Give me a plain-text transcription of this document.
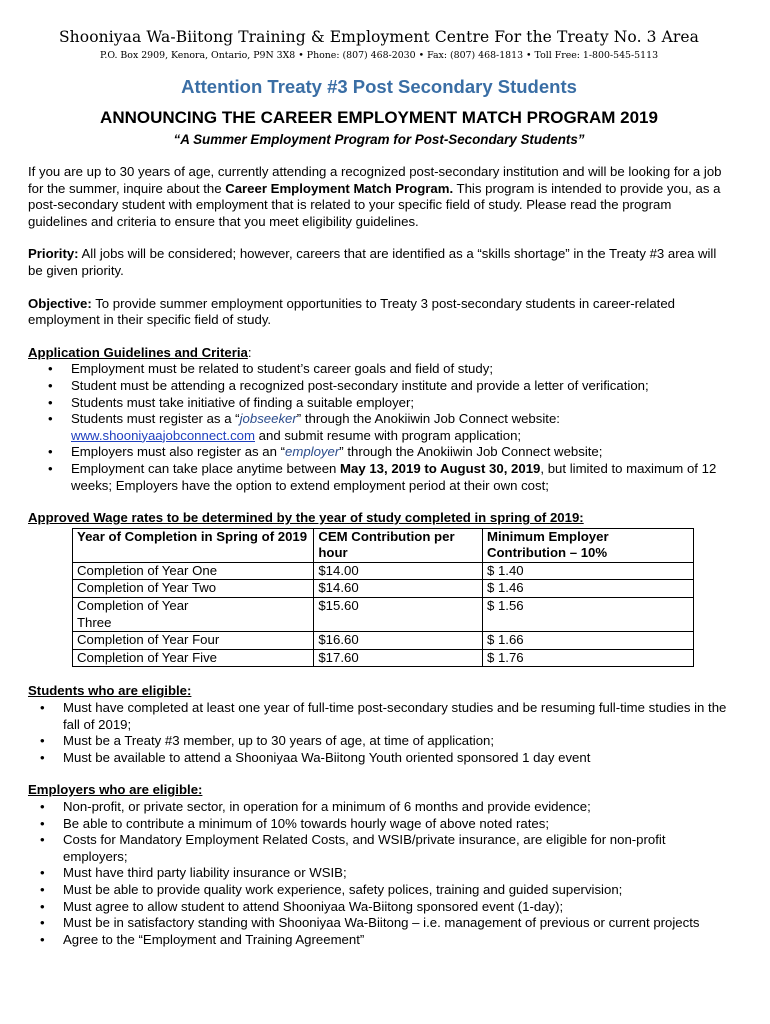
Shooniyaa Wa-Biitong Training & Employment Centre For the Treaty No. 3 Area
P.O. Box 2909, Kenora, Ontario, P9N 3X8 • Phone: (807) 468-2030 • Fax: (807) 468-1813 • Toll Free: 1-800-545-5113
Attention Treaty #3 Post Secondary Students
ANNOUNCING THE CAREER EMPLOYMENT MATCH PROGRAM 2019
“A Summer Employment Program for Post-Secondary Students”

If you are up to 30 years of age, currently attending a recognized post-secondary institution and will be looking for a job for the summer, inquire about the Career Employment Match Program. This program is intended to provide you, as a post-secondary student with employment that is related to your specific field of study. Please read the program guidelines and criteria to ensure that you meet eligibility guidelines.

Priority: All jobs will be considered; however, careers that are identified as a “skills shortage” in the Treaty #3 area will be given priority.

Objective: To provide summer employment opportunities to Treaty 3 post-secondary students in career-related employment in their specific field of study.

Application Guidelines and Criteria:
• Employment must be related to student’s career goals and field of study;
• Student must be attending a recognized post-secondary institute and provide a letter of verification;
• Students must take initiative of finding a suitable employer;
• Students must register as a “jobseeker” through the Anokiiwin Job Connect website:
www.shooniyaajobconnect.com and submit resume with program application;
• Employers must also register as an “employer” through the Anokiiwin Job Connect website;
• Employment can take place anytime between May 13, 2019 to August 30, 2019, but limited to maximum of 12 weeks; Employers have the option to extend employment period at their own cost;
Approved Wage rates to be determined by the year of study completed in spring of 2019:
Year of Completion in Spring of 2019	CEM Contribution per hour	Minimum Employer Contribution – 10%
Completion of Year One	$14.00	$ 1.40
Completion of Year Two	$14.60	$ 1.46
Completion of Year Three	$15.60	$ 1.56
Completion of Year Four	$16.60	$ 1.66
Completion of Year Five	$17.60	$ 1.76
Students who are eligible:
• Must have completed at least one year of full-time post-secondary studies and be resuming full-time studies in the fall of 2019;
• Must be a Treaty #3 member, up to 30 years of age, at time of application;
• Must be available to attend a Shooniyaa Wa-Biitong Youth oriented sponsored 1 day event
Employers who are eligible:
• Non-profit, or private sector, in operation for a minimum of 6 months and provide evidence;
• Be able to contribute a minimum of 10% towards hourly wage of above noted rates;
• Costs for Mandatory Employment Related Costs, and WSIB/private insurance, are eligible for non-profit employers;
• Must have third party liability insurance or WSIB;
• Must be able to provide quality work experience, safety polices, training and guided supervision;
• Must agree to allow student to attend Shooniyaa Wa-Biitong sponsored event (1-day);
• Must be in satisfactory standing with Shooniyaa Wa-Biitong – i.e. management of previous or current projects
• Agree to the “Employment and Training Agreement”
